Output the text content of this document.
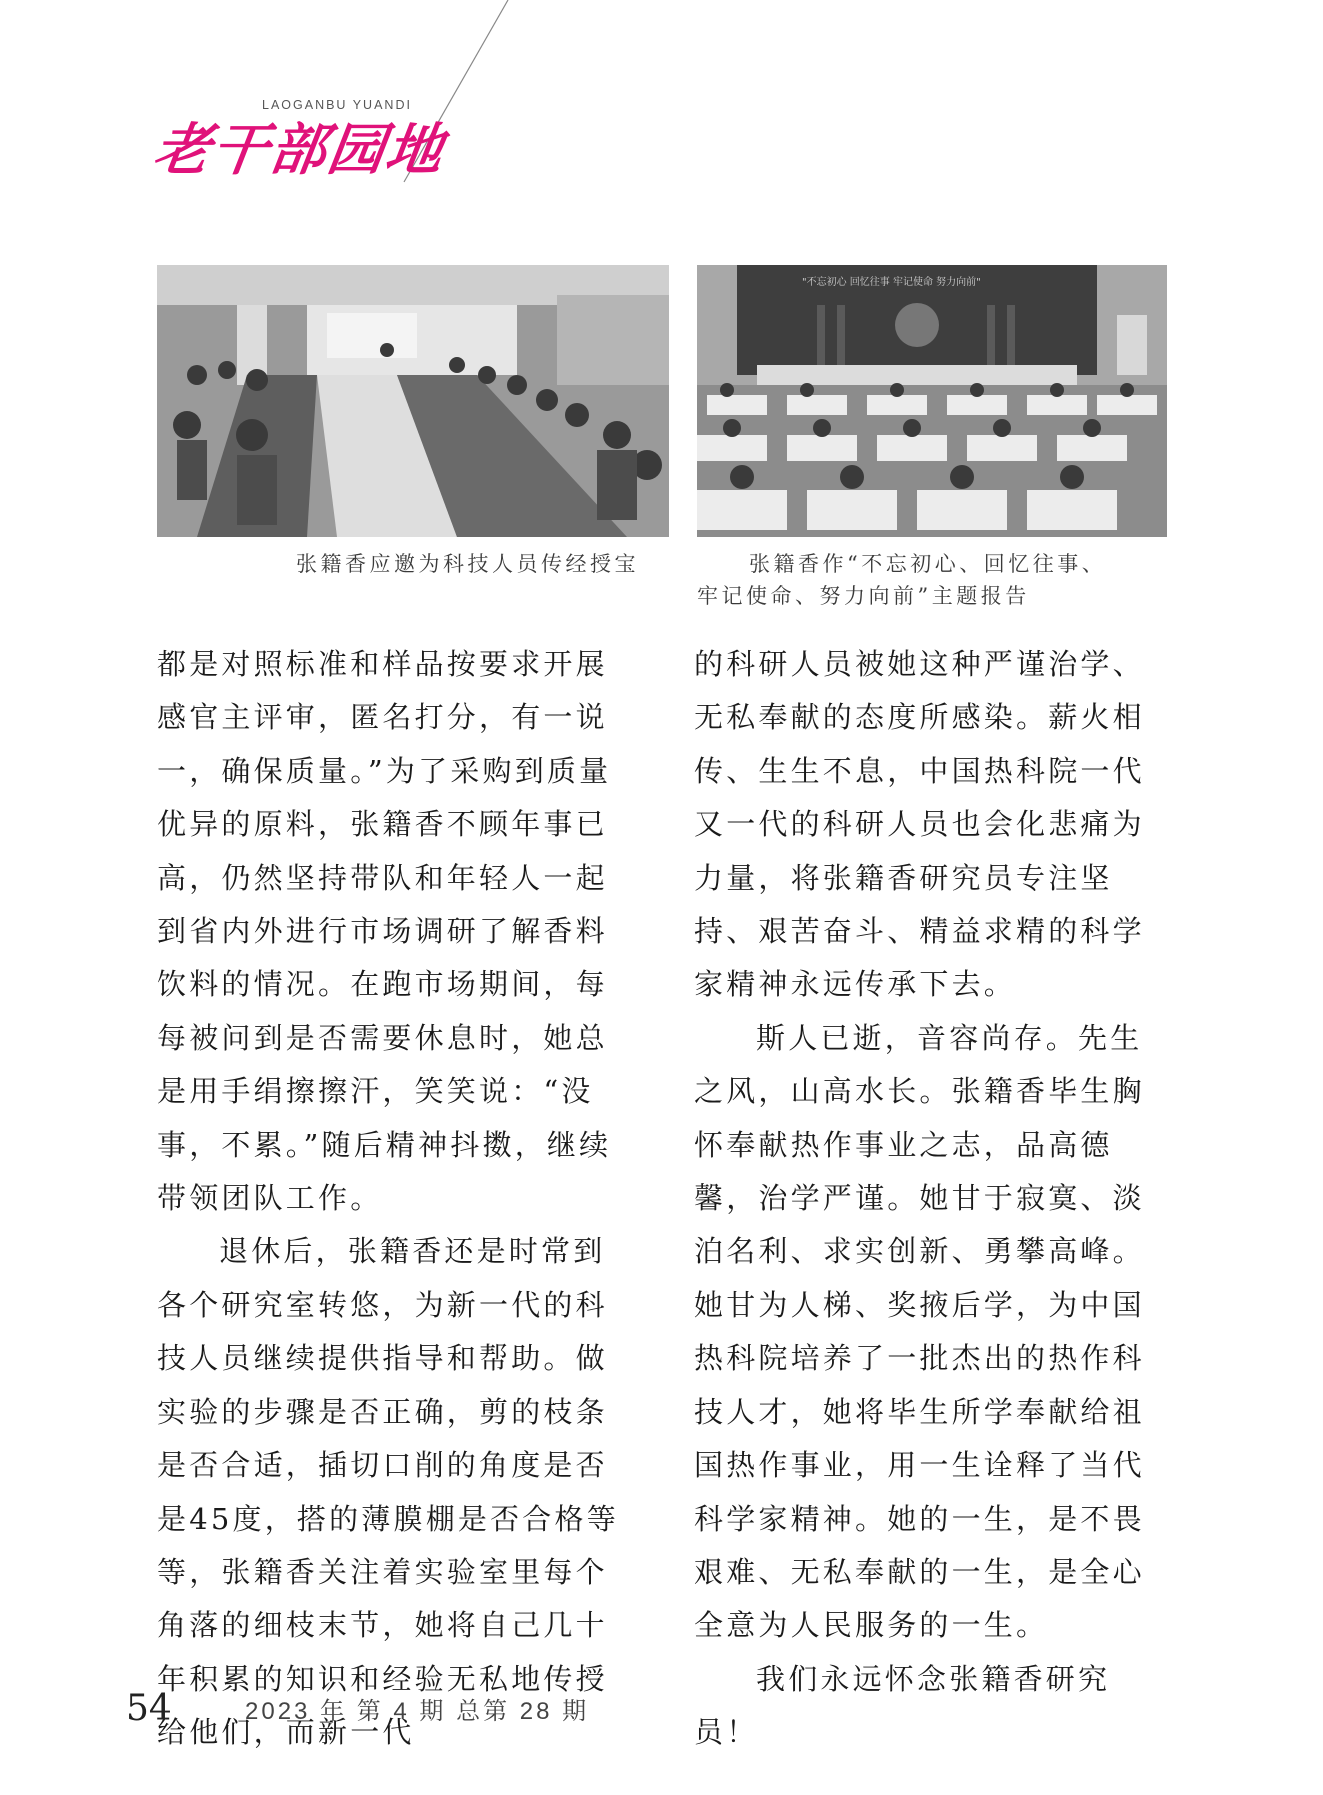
LAOGANBU YUANDI
老干部园地
张籍香应邀为科技人员传经授宝
"不忘初心 回忆往事 牢记使命 努力向前"
张籍香作“不忘初心、回忆往事、
牢记使命、努力向前”主题报告

都是对照标准和样品按要求开展感官主评审，匿名打分，有一说一，确保质量。”为了采购到质量优异的原料，张籍香不顾年事已高，仍然坚持带队和年轻人一起到省内外进行市场调研了解香料饮料的情况。在跑市场期间，每每被问到是否需要休息时，她总是用手绢擦擦汗，笑笑说：“没事，不累。”随后精神抖擞，继续带领团队工作。

退休后，张籍香还是时常到各个研究室转悠，为新一代的科技人员继续提供指导和帮助。做实验的步骤是否正确，剪的枝条是否合适，插切口削的角度是否是45度，搭的薄膜棚是否合格等等，张籍香关注着实验室里每个角落的细枝末节，她将自己几十年积累的知识和经验无私地传授给他们，而新一代

的科研人员被她这种严谨治学、无私奉献的态度所感染。薪火相传、生生不息，中国热科院一代又一代的科研人员也会化悲痛为力量，将张籍香研究员专注坚持、艰苦奋斗、精益求精的科学家精神永远传承下去。

斯人已逝，音容尚存。先生之风，山高水长。张籍香毕生胸怀奉献热作事业之志，品高德馨，治学严谨。她甘于寂寞、淡泊名利、求实创新、勇攀高峰。她甘为人梯、奖掖后学，为中国热科院培养了一批杰出的热作科技人才，她将毕生所学奉献给祖国热作事业，用一生诠释了当代科学家精神。她的一生，是不畏艰难、无私奉献的一生，是全心全意为人民服务的一生。

我们永远怀念张籍香研究员！

54	2023 年 第 4 期 总第 28 期
